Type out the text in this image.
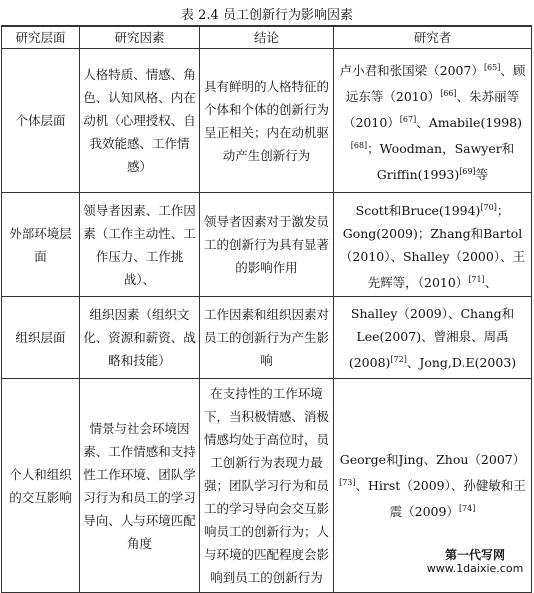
表 2.4 员工创新行为影响因素
研究层面	研究因素	结论	研究者
个体层面	人格特质、情感、角色、认知风格、内在动机（心理授权、自我效能感、工作情感）	具有鲜明的人格特征的个体和个体的创新行为呈正相关；内在动机驱动产生创新行为	卢小君和张国梁（2007）[65]、顾远东等（2010）[66]、朱苏丽等（2010）[67]、Amabile(1998)[68]；Woodman，Sawyer和Griffin(1993)[69]等
外部环境层面	领导者因素、工作因素（工作主动性、工作压力、工作挑战）、	领导者因素对于激发员工的创新行为具有显著的影响作用	Scott和Bruce(1994)[70]；Gong(2009)；Zhang和Bartol（2010）、Shalley（2000）、王先辉等，（2010）[71]、
组织层面	组织因素（组织文化、资源和薪资、战略和技能）	工作因素和组织因素对员工的创新行为产生影响	Shalley（2009）、Chang和Lee(2007)、曾湘泉、周禹(2008)[72]、Jong,D.E(2003)
个人和组织的交互影响	情景与社会环境因素、工作情感和支持性工作环境、团队学习行为和员工的学习导向、人与环境匹配角度	在支持性的工作环境下，当积极情感、消极情感均处于高位时，员工创新行为表现力最强；团队学习行为和员工的学习导向会交互影响员工的创新行为；人与环境的匹配程度会影响到员工的创新行为	George和Jing、Zhou（2007）[73]、Hirst（2009）、孙健敏和王震（2009）[74]
第一代写网
www.1daixie.com
